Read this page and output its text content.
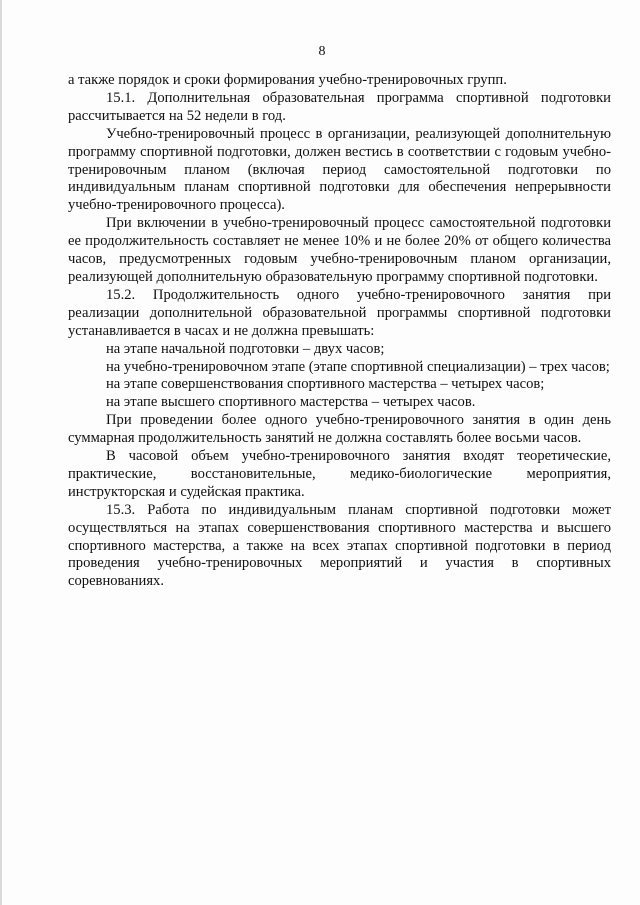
8

а также порядок и сроки формирования учебно-тренировочных групп.

15.1. Дополнительная образовательная программа спортивной подготовки рассчитывается на 52 недели в год.

Учебно-тренировочный процесс в организации, реализующей дополнительную программу спортивной подготовки, должен вестись в соответствии с годовым учебно-тренировочным планом (включая период самостоятельной подготовки по индивидуальным планам спортивной подготовки для обеспечения непрерывности учебно-тренировочного процесса).

При включении в учебно-тренировочный процесс самостоятельной подготовки ее продолжительность составляет не менее 10% и не более 20% от общего количества часов, предусмотренных годовым учебно-тренировочным планом организации, реализующей дополнительную образовательную программу спортивной подготовки.

15.2. Продолжительность одного учебно-тренировочного занятия при реализации дополнительной образовательной программы спортивной подготовки устанавливается в часах и не должна превышать:

на этапе начальной подготовки – двух часов;

на учебно-тренировочном этапе (этапе спортивной специализации) – трех часов;

на этапе совершенствования спортивного мастерства – четырех часов;

на этапе высшего спортивного мастерства – четырех часов.

При проведении более одного учебно-тренировочного занятия в один день суммарная продолжительность занятий не должна составлять более восьми часов.

В часовой объем учебно-тренировочного занятия входят теоретические, практические, восстановительные, медико-биологические мероприятия, инструкторская и судейская практика.

15.3. Работа по индивидуальным планам спортивной подготовки может осуществляться на этапах совершенствования спортивного мастерства и высшего спортивного мастерства, а также на всех этапах спортивной подготовки в период проведения учебно-тренировочных мероприятий и участия в спортивных соревнованиях.
